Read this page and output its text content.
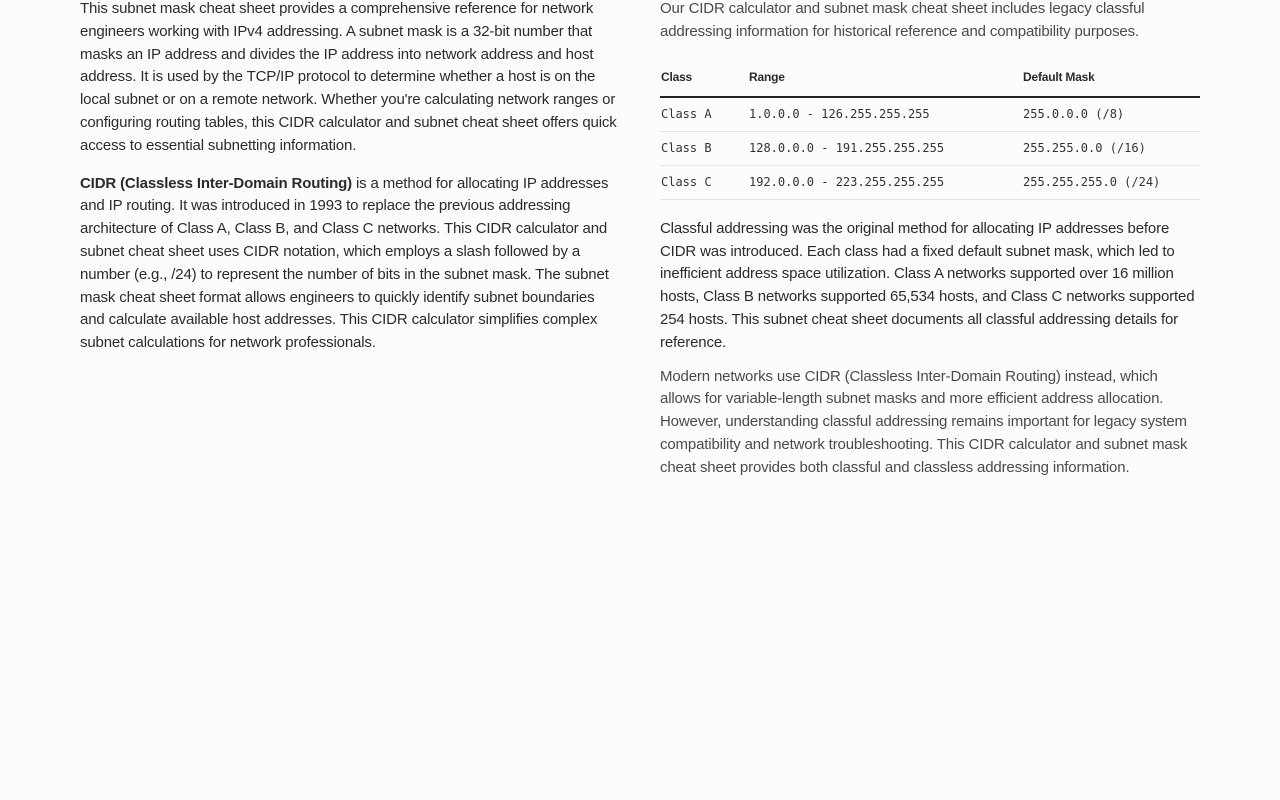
This subnet mask cheat sheet provides a comprehensive reference for network engineers working with IPv4 addressing. A subnet mask is a 32-bit number that masks an IP address and divides the IP address into network address and host address. It is used by the TCP/IP protocol to determine whether a host is on the local subnet or on a remote network. Whether you're calculating network ranges or configuring routing tables, this CIDR calculator and subnet cheat sheet offers quick access to essential subnetting information.

CIDR (Classless Inter-Domain Routing) is a method for allocating IP addresses and IP routing. It was introduced in 1993 to replace the previous addressing architecture of Class A, Class B, and Class C networks. This CIDR calculator and subnet cheat sheet uses CIDR notation, which employs a slash followed by a number (e.g., /24) to represent the number of bits in the subnet mask. The subnet mask cheat sheet format allows engineers to quickly identify subnet boundaries and calculate available host addresses. This CIDR calculator simplifies complex subnet calculations for network professionals.

Our CIDR calculator and subnet mask cheat sheet includes legacy classful addressing information for historical reference and compatibility purposes.

Class	Range	Default Mask
Class A	1.0.0.0 - 126.255.255.255	255.0.0.0 (/8)
Class B	128.0.0.0 - 191.255.255.255	255.255.0.0 (/16)
Class C	192.0.0.0 - 223.255.255.255	255.255.255.0 (/24)

Classful addressing was the original method for allocating IP addresses before CIDR was introduced. Each class had a fixed default subnet mask, which led to inefficient address space utilization. Class A networks supported over 16 million hosts, Class B networks supported 65,534 hosts, and Class C networks supported 254 hosts. This subnet cheat sheet documents all classful addressing details for reference.

Modern networks use CIDR (Classless Inter-Domain Routing) instead, which allows for variable-length subnet masks and more efficient address allocation. However, understanding classful addressing remains important for legacy system compatibility and network troubleshooting. This CIDR calculator and subnet mask cheat sheet provides both classful and classless addressing information.
